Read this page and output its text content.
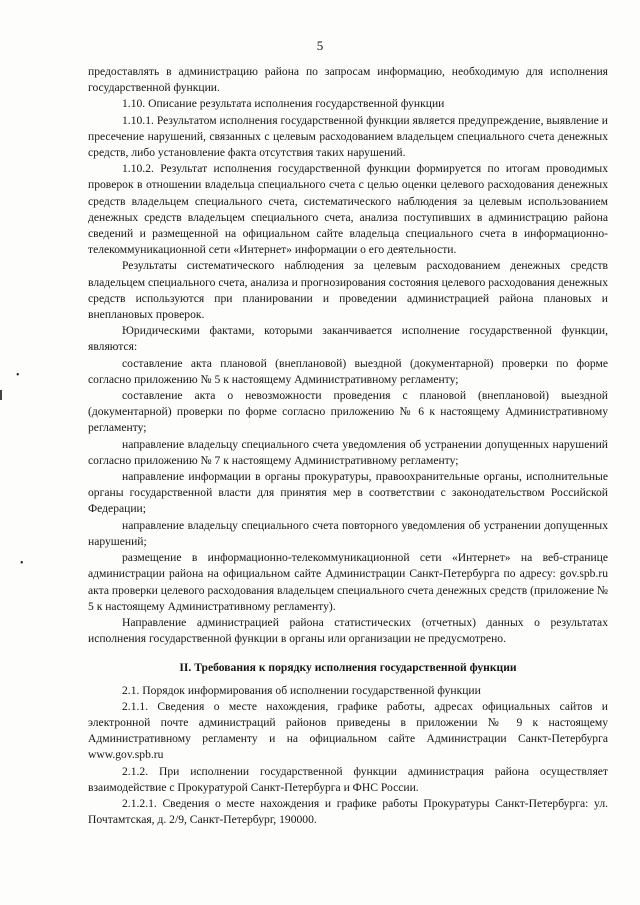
•
•
5

предоставлять в администрацию района по запросам информацию, необходимую для исполнения государственной функции.

1.10. Описание результата исполнения государственной функции

1.10.1. Результатом исполнения государственной функции является предупреждение, выявление и пресечение нарушений, связанных с целевым расходованием владельцем специального счета денежных средств, либо установление факта отсутствия таких нарушений.

1.10.2. Результат исполнения государственной функции формируется по итогам проводимых проверок в отношении владельца специального счета с целью оценки целевого расходования денежных средств владельцем специального счета, систематического наблюдения за целевым использованием денежных средств владельцем специального счета, анализа поступивших в администрацию района сведений и размещенной на официальном сайте владельца специального счета в информационно-телекоммуникационной сети «Интернет» информации о его деятельности.

Результаты систематического наблюдения за целевым расходованием денежных средств владельцем специального счета, анализа и прогнозирования состояния целевого расходования денежных средств используются при планировании и проведении администрацией района плановых и внеплановых проверок.

Юридическими фактами, которыми заканчивается исполнение государственной функции, являются:

составление акта плановой (внеплановой) выездной (документарной) проверки по форме согласно приложению № 5 к настоящему Административному регламенту;

составление акта о невозможности проведения с плановой (внеплановой) выездной (документарной) проверки по форме согласно приложению № 6 к настоящему Административному регламенту;

направление владельцу специального счета уведомления об устранении допущенных нарушений согласно приложению № 7 к настоящему Административному регламенту;

направление информации в органы прокуратуры, правоохранительные органы, исполнительные органы государственной власти для принятия мер в соответствии с законодательством Российской Федерации;

направление владельцу специального счета повторного уведомления об устранении допущенных нарушений;

размещение в информационно-телекоммуникационной сети «Интернет» на веб-странице администрации района на официальном сайте Администрации Санкт-Петербурга по адресу: gov.spb.ru акта проверки целевого расходования владельцем специального счета денежных средств (приложение № 5 к настоящему Административному регламенту).

Направление администрацией района статистических (отчетных) данных о результатах исполнения государственной функции в органы или организации не предусмотрено.

II. Требования к порядку исполнения государственной функции

2.1. Порядок информирования об исполнении государственной функции

2.1.1. Сведения о месте нахождения, графике работы, адресах официальных сайтов и электронной почте администраций районов приведены в приложении № 9 к настоящему Административному регламенту и на официальном сайте Администрации Санкт-Петербурга www.gov.spb.ru

2.1.2. При исполнении государственной функции администрация района осуществляет взаимодействие с Прокуратурой Санкт-Петербурга и ФНС России.

2.1.2.1. Сведения о месте нахождения и графике работы Прокуратуры Санкт-Петербурга: ул. Почтамтская, д. 2/9, Санкт-Петербург, 190000.
